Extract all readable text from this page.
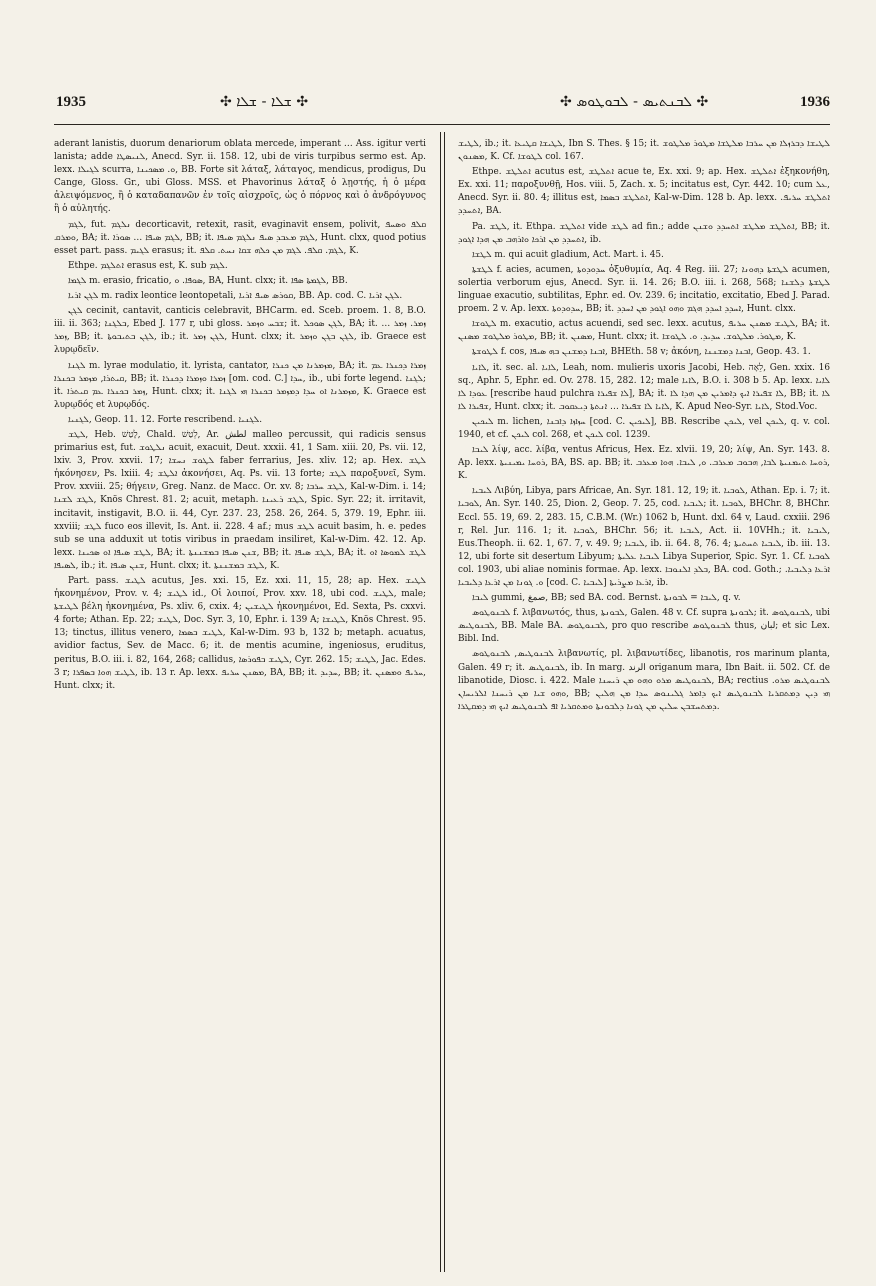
1935	✣ ܫܠܐ - ܫܠܐ ✣	✣ ܠܒܢܬܝܣ - ܠܒܘܛܘܣ ✣	1936

aderant lanistis, duorum denariorum oblata mercede, imperant … Ass. igitur verti lanista; adde ܠܢܝܣܛܐ, Anecd. Syr. ii. 158. 12, ubi de viris turpibus sermo est. Ap. lexx. ܠܓܝܠܐ scurra, ܘ. ܡܣܟܝܢܐ, BB. Forte sit λάταξ, λάταγος, mendicus, prodigus, Du Cange, Gloss. Gr., ubi Gloss. MSS. et Phavorinus λάταξ ὁ λῃστής, ἡ ὁ μέρα ἀλειψόμενος, ἢ ὁ καταδαπανῶν ἐν τοῖς αἰσχροῖς, ὡς ὁ πόρνος καὶ ὁ ἀνδρόγυνος ἢ ὁ αὐλητής.

ܠܓܡ, fut. ܢܠܓܡ decorticavit, retexit, rasit, evaginavit ensem, polivit, ܩܠܦ ܘܣܚܦ ܘܡܪܩ, BA; it. ܠܓܡ ܣܝܦܐ … ܣܘܪܐ, BB; it. ܠܓܡ ܡܥܒܕ ܣܝܦ ܢܠܓܡ ܣܝܦܐ, Hunt. clxx, quod potius esset part. pass. ܠܓܝܡ erasus; it. ܠܓܡ. ܩܠܦ. ܠܓܡ ܡܢ ܟܠܗ ܫܩܐ ܢܚܬ. ܩܠܦ, K.

Ethpe. ܐܬܠܓܡ erasus est, K. sub ܠܓܡ.

ܠܓܡܐ m. erasio, fricatio, ܣܘܦܐ. ܘ, BA, Hunt. clxx; it. ܠܓܡܬܐ ܣܦܐ, BB.

ܠܓܢ ܐܪܝܐ m. radix leontice leontopetali, ܩܘܪܣ ܣܝܦ ܐܪܝܐ, BB. Ap. cod. C. ܠܓܢ ܐܪܝܐ.

ܠܓܢ cecinit, cantavit, canticis celebravit, BHCarm. ed. Sceb. proem. 1. 8, B.O. iii. ii. 363; ܒܠܓܢܐ, Ebed J. 177 r, ubi gloss. ܫܒܚ ܘܙܡܪ; it. ܠܓܢ ܣܘܟܠ, BA; it. ܙܡܪ. ܙܡܪ … ܙܡܪ, BB; it. ܠܓܢ ܒܬܝܒܘܬܐ, ib.; it. ܠܓܢ ܙܡܪ, Hunt. clxx; it. ܠܓܢ ܒܓܢ ܘܙܡܪ, ib. Graece est λυρῳδεῖν.

ܠܓܢܐ m. lyrae modulatio, it. lyrista, cantator, ܡܙܡܪܢܐ ܡܢ ܟܢܪܐ, BA; it. ܙܡܪܐ ܕܟܢܪܐ ܥܡ ܩܝܬܪܐ, ܡܙܡܪ ܒܟܢܪܐ, BB; it. ܙܡܪܐ ܘܙܡܪܐ ܕܟܢܪܐ [om. cod. C.] ܚܕܐ, ib., ubi forte legend. ܠܓܢܐ; it. ܙܡܪ ܒܟܢܪܐ ܥܡ ܩܝܬܪܐ, Hunt. clxx; it. ܡܙܡܪܢܐ ܐܘ ܚܕܐ ܕܡܙܡܪ ܒܟܢܪܐ ܗܝ ܠܓܢܐ, K. Graece est λυρῳδός et λυρῳδός.

ܠܓܢܝܐ, Geop. 11. 12. Forte rescribend. ܠܓܢܝܐ.

ܠܛܫ, Heb. לָטַשׁ, Chald. לְטַשׁ, Ar. لطش malleo percussit, qui radicis sensus primarius est, fut. ܢܠܛܘܫ acuit, exacuit, Deut. xxxii. 41, 1 Sam. xiii. 20, Ps. vii. 12, lxiv. 3, Prov. xxvii. 17; ܠܛܘܫ ܢܚܫܐ faber ferrarius, Jes. xliv. 12; ap. Hex. ܠܛܫ ἠκόνησεν, Ps. lxiii. 4; ܐܠܛܫ ἀκονήσει, Aq. Ps. vii. 13 forte; ܠܛܫ παροξυνεῖ, Sym. Prov. xxviii. 25; θήγειν, Greg. Nanz. de Macc. Or. xv. 8; ܠܛܫ ܚܪܒܐ, Kal-w-Dim. i. 14; ܠܛܫ ܠܫܢܐ, Knös Chrest. 81. 2; acuit, metaph. ܠܛܫ ܪܥܝܢܐ, Spic. Syr. 22; it. irritavit, incitavit, instigavit, B.O. ii. 44, Cyr. 237. 23, 258. 26, 264. 5, 379. 19, Ephr. iii. xxviii; ܠܛܫ fuco eos illevit, Is. Ant. ii. 228. 4 af.; mus ܠܛܫ acuit basim, h. e. pedes sub se una adduxit ut totis viribus in praedam insiliret, Kal-w-Dim. 42. 12. Ap. lexx. ܠܛܫ ܣܝܦܐ ܐܘ ܣܟܝܢܐ, BA; it. ܫܢܢ ܣܝܦܐ ܒܡܫܢܢܬܐ, BB; it. ܠܛܫ ܣܝܦܐ, BA; it. ܠܛܫ ܠܡܘܣܐ ܐܘ ܠܣܝܦܐ, ib.; it. ܫܢܢ ܣܝܦܐ, Hunt. clxx; it. ܠܛܫ ܒܡܫܢܢܬܐ, K.

Part. pass. ܠܛܝܫ acutus, Jes. xxi. 15, Ez. xxi. 11, 15, 28; ap. Hex. ܠܛܝܫ ἠκονημένον, Prov. v. 4; ܠܛܝܫ id., Oἱ λοιποί, Prov. xxv. 18, ubi cod. ܠܛܝܫ, male; ܠܛܝܫܬܐ βέλη ἠκονημένα, Ps. xliv. 6, cxix. 4; ܠܛܝܫܝܢ ἠκονημένοι, Ed. Sexta, Ps. cxxvi. 4 forte; Athan. Ep. 22; ܠܛܝܫ, Doc. Syr. 3, 10, Ephr. i. 139 A; ܠܛܝܫܐ, Knös Chrest. 95. 13; tinctus, illitus venero, ܠܛܝܫ ܒܣܡܐ, Kal-w-Dim. 93 b, 132 b; metaph. acuatus, avidior factus, Sev. de Macc. 6; it. de mentis acumine, ingeniosus, eruditus, peritus, B.O. iii. i. 82, 164, 268; callidus, ܠܛܝܫ ܒܦܘܪܣܐ, Cyr. 262. 15; ܠܛܝܫ, Jac. Edes. 3 r; ܠܛܝܫ ܗܘܐ ܒܣܦܪܐ, ib. 13 r. Ap. lexx. ܡܣܢܢ ܚܪܝܦ, BA, BB; it. ܚܕܝܕ, BB; it. ܚܪܝܦ ܘܡܣܢܢ, Hunt. clxx; it.

ܠܛܝܫ, ib.; it. ܠܛܝܫܐ ܩܛܝܥܐ, Ibn S. Thes. § 15; it. ܠܛܝܫܐ ܕܒܪܙܠܐ ܡܢ ܚܪܒܐ ܡܠܛܫܐ ܡܛܘܪ ܡܠܛܘܫ ܡܣܢܘܢ, K. Cf. ܠܛܘܫܐ col. 167.

Ethpe. ܐܬܠܛܫ acutus est, ܐܬܠܛܫ acue te, Ex. xxi. 9; ap. Hex. ܐܬܠܛܫ ἐξηκονήθη, Ex. xxi. 11; παροξυνθῇ, Hos. viii. 5, Zach. x. 5; incitatus est, Cyr. 442. 10; cum ܥܠ, Anecd. Syr. ii. 80. 4; illitus est, ܐܬܠܛܫ ܒܣܡܐ, Kal-w-Dim. 128 b. Ap. lexx. ܐܬܠܛܫ ܚܪܝܦ. ܐܬܚܕܕ, BA.

Pa. ܠܛܫ, it. Ethpa. ܐܬܠܛܫ vide ܠܛܫ ad fin.; adde ܐܬܠܛܫ ܡܠܛܫ ܐܬܚܕܕ ܘܫܢܢ, BB; it. ܐܬܚܕܕ ܡܢ ܐܪܟܐ ܘܐܪܗܒ ܡܢ ܗܕܐ ܐܓܘܕ, ib.

ܠܛܫܐ m. qui acuit gladium, Act. Mart. i. 45.

ܠܛܫܬܐ f. acies, acumen, ܚܕܘܕܘܬܐ ὀξυθυμία, Aq. 4 Reg. iii. 27; ܠܛܫܬܐ ܕܗܘܢܐ acumen, solertia verborum ejus, Anecd. Syr. ii. 14. 26; B.O. iii. i. 268, 568; ܠܛܫܬܐ ܕܠܫܢܐ linguae exacutio, subtilitas, Ephr. ed. Ov. 239. 6; incitatio, excitatio, Ebed J. Parad. proem. 2 v. Ap. lexx. ܚܕܘܕܘܬܐ, BB; it. ܐܚܕܕ ܐܚܕܕ ܗܓܡ ܘܗܘ ܐܓܘܕ ܡܢ ܐܚܕܕ, Hunt. clxx.

ܠܛܘܫܐ m. exacutio, actus acuendi, sed sec. lexx. acutus, ܠܛܝܫ ܡܣܢܢ ܚܪܝܦ, BA; it. ܡܛܘܪ ܡܠܛܘܫ ܡܣܢܢ, BB; it. ܡܣܢܢ, Hunt. clxx; it. ܡܛܘܪ. ܡܠܛܘܫ. ܚܕܝܕ. ܘ. ܠܛܘܫܐ, K.

ܠܛܘܫܬܐ f. cos, ܐܒܢܐ ܕܡܫܢܢ ܒܗ ܣܝܦܐ, BHEth. 58 v; ἀκόνη, ܐܒܢܐ ܕܡܫܢܢܐ, Geop. 43. 1.

ܠܐܝܐ, it. sec. al. ܠܐܝܐ, Leah, nom. mulieris uxoris Jacobi, Heb. לֵאָה, Gen. xxix. 16 sq., Aphr. 5, Ephr. ed. Ov. 278. 15, 282. 12; male ܠܐܝܐ, B.O. i. 308 b 5. Ap. lexx. ܠܐܝܐ ܥܘܕܐ ܠܐ [rescribe haud pulchra ܠܐ ܫܦܝܪܐ], BA; it. ܠܐ ܫܦܝܪܐ ܐܝܟ ܕܐܡܪܝܢ ܡܢ ܗܕܐ ܠܐ, BB; it. ܠܐ ܫܦܝܪܐ ܠܐ, Hunt. clxx; it. ܠܐܝܐ ܠܐ ܫܦܝܪܐ … ܐܢܬܬܐ ܕܝܥܩܘܒ, K. Apud Neo-Syr. ܠܐܝܐ, Stod.Voc.

ܠܝܟܝܢ m. lichen, ܚܙܐܙܐ ܕܐܒܢܐ [cod. C. ܠܝܟܝܢ], BB. Rescribe ܠܝܟܢ, vel ܠܝܟܢ, q. v. col. 1940, et cf. ܠܝܟܢ col. 268, et ܠܝܟܢ col. 1239.

ܠܝܒܐ λίψ, acc. λίβα, ventus Africus, Hex. Ez. xlvii. 19, 20; λίψ, An. Syr. 143. 8. Ap. lexx. ܪܘܚܐ ܝܡܝܢܝܬܐ, BA, BS. ap. BB; it. ܪܘܚܐ ܬܝܡܢܝܬܐ ܠܒܐ, ܗܒܘܒ ܡܥܪܒ. ܘ, ܠܝܒܐ. ܗܘܐ ܡܥܪܒ, K.

ܠܝܒܝܐ Λιβύη, Libya, pars Africae, An. Syr. 181. 12, 19; it. ܠܘܒܝܐ, Athan. Ep. i. 7; it. ܠܘܒܝܐ, An. Syr. 140. 25, Dion. 2, Geop. 7. 25, cod. ܠܝܒܝܐ; it. ܠܘܒܝܐ, BHChr. 8, BHChr. Eccl. 55. 19, 69. 2, 283. 15, C.B.M. (Wr.) 1062 b, Hunt. dxl. 64 v, Laud. cxxiii. 296 r, Rel. Jur. 116. 1; it. ܠܘܒܝܐ, BHChr. 56; it. ܠܝܒܝܐ, Act. ii. 10VHh.; it. ܠܝܒܝܐ, Eus.Theoph. ii. 62. 1, 67. 7, v. 49. 9; ܠܝܒܝܐ, ib. ii. 64. 8, 76. 4; ܠܝܒܝܐ ܬܚܬܝܬܐ, ib. iii. 13. 12, ubi forte sit desertum Libyum; ܠܝܒܝܐ ܥܠܝܬܐ Libya Superior, Spic. Syr. 1. Cf. ܠܘܒܝܐ col. 1903, ubi aliae nominis formae. Ap. lexx. ܒܠܕ ܐܠܢܘܒܐ, BA. cod. Goth.; ܐܪܥܐ ܕܠܝܒܝܐ. ܘ. ܓܘܢܐ ܡܢ ܐܪܥܐ ܕܠܝܒܝܐ [cod. C. ܠܝܒܝܐ] ܐܪܥܐ ܡܨܪܝܬܐ, ib.

ܠܝܒܐ gummi, صمغ, BB; sed BA. cod. Bernst. ܠܝܒܐ = ܠܒܘܢܬܐ, q. v.

ܠܒܢܘܛܘܣ f. λιβανωτός, thus, ܠܒܘܢܬܐ, Galen. 48 v. Cf. supra ܠܒܘܢܬܐ; it. ܠܒܢܘܛܘܣ, ubi ܠܒܢܘܛܝܣ, BB. Male BA. ܠܒܢܘܛܘܣ, pro quo rescribe ܠܒܢܘܛܘܣ thus, لبان; et sic Lex. Bibl. Ind.

ܠܒܢܘܛܝܣ, ܠܒܢܘܛܘܣ λιβανωτίς, pl. λιβανωτίδες, libanotis, ros marinum planta, Galen. 49 r; it. ܠܒܢܘܛܝܣ, ib. In marg. الرند origanum mara, Ibn Bait. ii. 502. Cf. de libanotide, Diosc. i. 422. Male ܠܒܢܘܛܝܣ ܡܪܘ ܘܗܘ ܡܢ ܪܝܚܢܐ, BA; rectius ܠܒܢܘܛܝܣ ܡܪܘ. ܘܗܘ ܫܝܐ ܡܢ ܪܝܚܢܐ ܐܠܪܝܚܐܢ, BB; ܗܝ ܕܝܢ ܕܡܬܩܪܝܐ ܠܒܢܘܛܝܣ ܐܝܟ ܕܐܡܪ ܓܠܝܢܘܣ ܚܕܐ ܡܢ ܗܠܝܢ ܕܡܬܚܫܒܢ ܚܠܝܢ ܡܢ ܓܘܢܐ ܕܠܒܘܢܬܐ ܘܡܬܩܪܝܐ ܐܦ ܠܒܢܘܛܝܣ ܐܝܟ ܗܝ ܕܡܩܛܪܐ.
